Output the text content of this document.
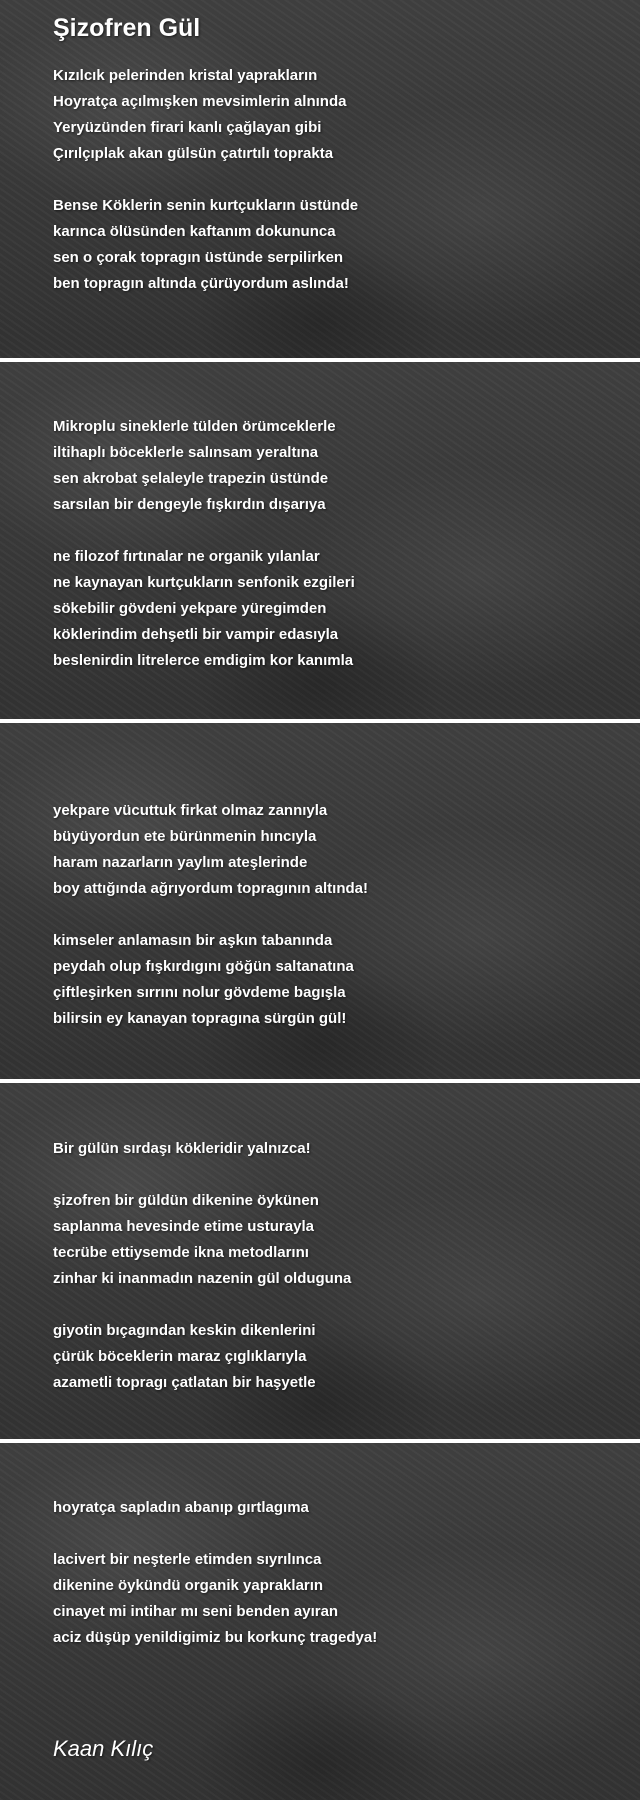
Şizofren Gül
Kızılcık pelerinden kristal yaprakların
Hoyratça açılmışken mevsimlerin alnında
Yeryüzünden firari kanlı çağlayan gibi
Çırılçıplak akan gülsün çatırtılı toprakta
Bense Köklerin senin kurtçukların üstünde
karınca ölüsünden kaftanım dokununca
sen o çorak topragın üstünde serpilirken
ben topragın altında çürüyordum aslında!
Mikroplu sineklerle tülden örümceklerle
iltihaplı böceklerle salınsam yeraltına
sen akrobat şelaleyle trapezin üstünde
sarsılan bir dengeyle fışkırdın dışarıya
ne filozof fırtınalar ne organik yılanlar
ne kaynayan kurtçukların senfonik ezgileri
sökebilir gövdeni yekpare yüregimden
köklerindim dehşetli bir vampir edasıyla
beslenirdin litrelerce emdigim kor kanımla
yekpare vücuttuk firkat olmaz zannıyla
büyüyordun ete bürünmenin hıncıyla
haram nazarların yaylım ateşlerinde
boy attığında ağrıyordum topragının altında!
kimseler anlamasın bir aşkın tabanında
peydah olup fışkırdıgını göğün saltanatına
çiftleşirken sırrını nolur gövdeme bagışla
bilirsin ey kanayan topragına sürgün gül!
Bir gülün sırdaşı kökleridir yalnızca!
şizofren bir güldün dikenine öykünen
saplanma hevesinde etime usturayla
tecrübe ettiysemde ikna metodlarını
zinhar ki inanmadın nazenin gül olduguna
giyotin bıçagından keskin dikenlerini
çürük böceklerin maraz çıglıklarıyla
azametli topragı çatlatan bir haşyetle
hoyratça sapladın abanıp gırtlagıma
lacivert bir neşterle etimden sıyrılınca
dikenine öykündü organik yaprakların
cinayet mi intihar mı seni benden ayıran
aciz düşüp yenildigimiz bu korkunç tragedya!
Kaan Kılıç
